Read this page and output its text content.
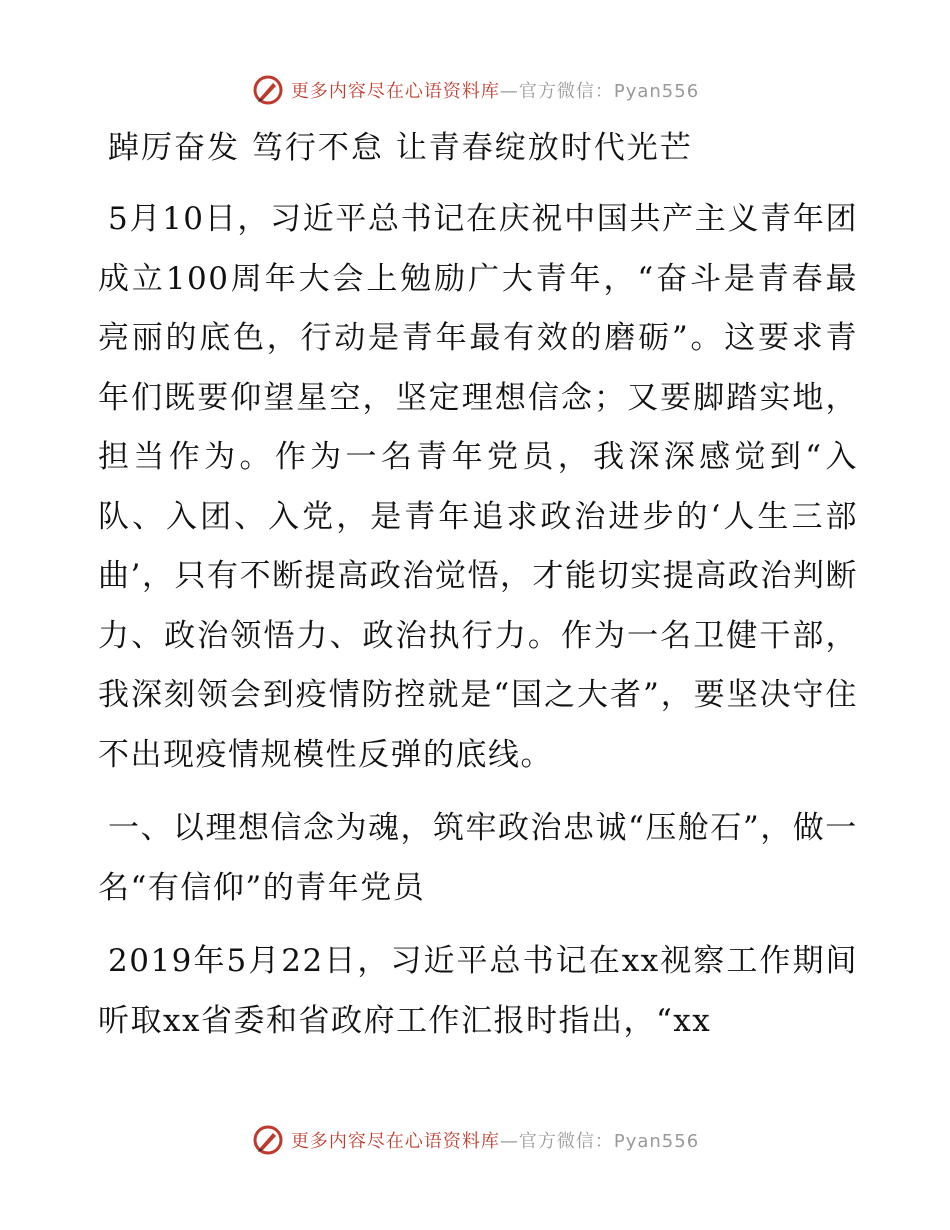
更多内容尽在心语资料库 —官方微信：Pyan556
踔厉奋发 笃行不怠 让青春绽放时代光芒

5月10日，习近平总书记在庆祝中国共产主义青年团成立100周年大会上勉励广大青年，“奋斗是青春最亮丽的底色，行动是青年最有效的磨砺”。这要求青年们既要仰望星空，坚定理想信念；又要脚踏实地，担当作为。作为一名青年党员，我深深感觉到“入队、入团、入党，是青年追求政治进步的‘人生三部曲’，只有不断提高政治觉悟，才能切实提高政治判断力、政治领悟力、政治执行力。作为一名卫健干部，我深刻领会到疫情防控就是“国之大者”，要坚决守住不出现疫情规模性反弹的底线。

一、以理想信念为魂，筑牢政治忠诚“压舱石”，做一名“有信仰”的青年党员

2019年5月22日，习近平总书记在xx视察工作期间听取xx省委和省政府工作汇报时指出，“xx

更多内容尽在心语资料库 —官方微信：Pyan556
